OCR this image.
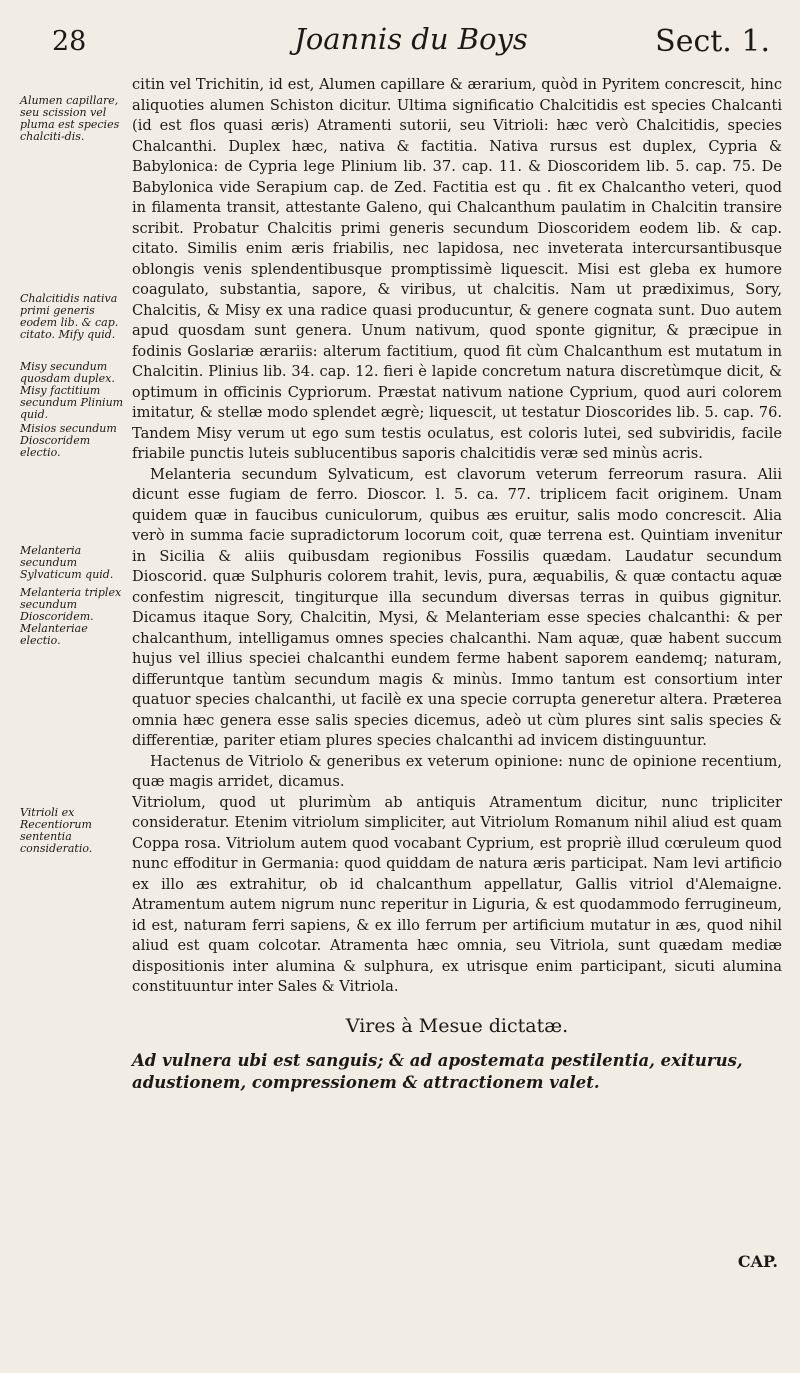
28	Joannis du Boys	Sect. 1.
Alumen capillare, seu scission vel pluma est species chalciti-dis.
Chalcitidis nativa primi generis eodem lib. & cap. citato. Mify quid.
Misy secundum quosdam duplex. Misy factitium secundum Plinium quid.
Misios secundum Dioscoridem electio.
Melanteria secundum Sylvaticum quid.
Melanteria triplex secundum Dioscoridem. Melanteriae electio.
Vitrioli ex Recentiorum sententia consideratio.

citin vel Trichitin, id est, Alumen capillare & ærarium, quòd in Pyritem concrescit, hinc aliquoties alumen Schiston dicitur. Ultima significatio Chalcitidis est species Chalcanti (id est flos quasi æris) Atramenti sutorii, seu Vitrioli: hæc verò Chalcitidis, species Chalcanthi. Duplex hæc, nativa & factitia. Nativa rursus est duplex, Cypria & Babylonica: de Cypria lege Plinium lib. 37. cap. 11. & Dioscoridem lib. 5. cap. 75. De Babylonica vide Serapium cap. de Zed. Factitia est qu . fit ex Chalcantho veteri, quod in filamenta transit, attestante Galeno, qui Chalcanthum paulatim in Chalcitin transire scribit. Probatur Chalcitis primi generis secundum Dioscoridem eodem lib. & cap. citato. Similis enim æris friabilis, nec lapidosa, nec inveterata intercursantibusque oblongis venis splendentibusque promptissimè liquescit. Misi est gleba ex humore coagulato, substantia, sapore, & viribus, ut chalcitis. Nam ut prædiximus, Sory, Chalcitis, & Misy ex una radice quasi producuntur, & genere cognata sunt. Duo autem apud quosdam sunt genera. Unum nativum, quod sponte gignitur, & præcipue in fodinis Goslariæ ærariis: alterum factitium, quod fit cùm Chalcanthum est mutatum in Chalcitin. Plinius lib. 34. cap. 12. fieri è lapide concretum natura discretùmque dicit, & optimum in officinis Cypriorum. Præstat nativum natione Cyprium, quod auri colorem imitatur, & stellæ modo splendet ægrè; liquescit, ut testatur Dioscorides lib. 5. cap. 76. Tandem Misy verum ut ego sum testis oculatus, est coloris lutei, sed subviridis, facile friabile punctis luteis sublucentibus saporis chalcitidis veræ sed minùs acris.

Melanteria secundum Sylvaticum, est clavorum veterum ferreorum rasura. Alii dicunt esse fugiam de ferro. Dioscor. l. 5. ca. 77. triplicem facit originem. Unam quidem quæ in faucibus cuniculorum, quibus æs eruitur, salis modo concrescit. Alia verò in summa facie supradictorum locorum coit, quæ terrena est. Quintiam invenitur in Sicilia & aliis quibusdam regionibus Fossilis quædam. Laudatur secundum Dioscorid. quæ Sulphuris colorem trahit, levis, pura, æquabilis, & quæ contactu aquæ confestim nigrescit, tingiturque illa secundum diversas terras in quibus gignitur. Dicamus itaque Sory, Chalcitin, Mysi, & Melanteriam esse species chalcanthi: & per chalcanthum, intelligamus omnes species chalcanthi. Nam aquæ, quæ habent succum hujus vel illius speciei chalcanthi eundem ferme habent saporem eandemq; naturam, differuntque tantùm secundum magis & minùs. Immo tantum est consortium inter quatuor species chalcanthi, ut facilè ex una specie corrupta generetur altera. Præterea omnia hæc genera esse salis species dicemus, adeò ut cùm plures sint salis species & differentiæ, pariter etiam plures species chalcanthi ad invicem distinguuntur.

Hactenus de Vitriolo & generibus ex veterum opinione: nunc de opinione recentium, quæ magis arridet, dicamus.

Vitriolum, quod ut plurimùm ab antiquis Atramentum dicitur, nunc tripliciter consideratur. Etenim vitriolum simpliciter, aut Vitriolum Romanum nihil aliud est quam Coppa rosa. Vitriolum autem quod vocabant Cyprium, est propriè illud cœruleum quod nunc effoditur in Germania: quod quiddam de natura æris participat. Nam levi artificio ex illo æs extrahitur, ob id chalcanthum appellatur, Gallis vitriol d'Alemaigne. Atramentum autem nigrum nunc reperitur in Liguria, & est quodammodo ferrugineum, id est, naturam ferri sapiens, & ex illo ferrum per artificium mutatur in æs, quod nihil aliud est quam colcotar. Atramenta hæc omnia, seu Vitriola, sunt quædam mediæ dispositionis inter alumina & sulphura, ex utrisque enim participant, sicuti alumina constituuntur inter Sales & Vitriola.

Vires à Mesue dictatæ.

Ad vulnera ubi est sanguis; & ad apostemata pestilentia, exiturus, adustionem, compressionem & attractionem valet.

CAP.
